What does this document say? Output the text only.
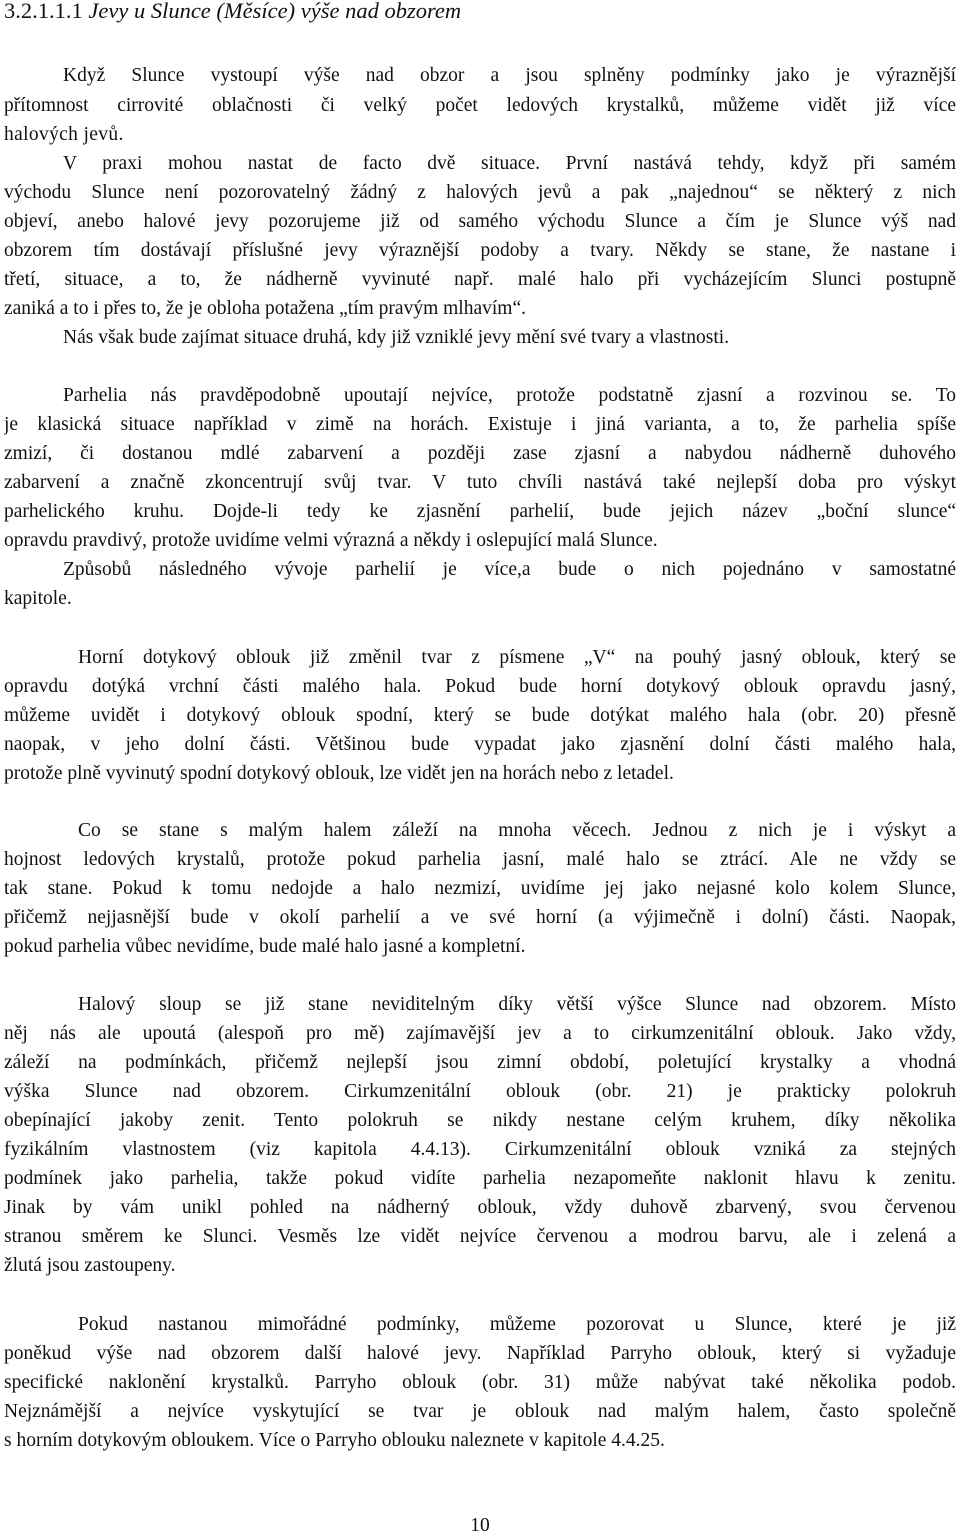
3.2.1.1.1 Jevy u Slunce (Měsíce) výše nad obzorem
Když Slunce vystoupí výše nad obzor a jsou splněny podmínky jako je výraznější
přítomnost cirrovité oblačnosti či velký počet ledových krystalků, můžeme vidět již více
halových jevů.
V praxi mohou nastat de facto dvě situace. První nastává tehdy, když při samém
východu Slunce není pozorovatelný žádný z halových jevů a pak „najednou“ se některý z nich
objeví, anebo halové jevy pozorujeme již od samého východu Slunce a čím je Slunce výš nad
obzorem tím dostávají příslušné jevy výraznější podoby a tvary. Někdy se stane, že nastane i
třetí, situace, a to, že nádherně vyvinuté např. malé halo při vycházejícím Slunci postupně
zaniká a to i přes to, že je obloha potažena „tím pravým mlhavím“.
Nás však bude zajímat situace druhá, kdy již vzniklé jevy mění své tvary a vlastnosti.
Parhelia nás pravděpodobně upoutají nejvíce, protože podstatně zjasní a rozvinou se. To
je klasická situace například v zimě na horách. Existuje i jiná varianta, a to, že parhelia spíše
zmizí, či dostanou mdlé zabarvení a později zase zjasní a nabydou nádherně duhového
zabarvení a značně zkoncentrují svůj tvar. V tuto chvíli nastává také nejlepší doba pro výskyt
parhelického kruhu. Dojde-li tedy ke zjasnění parhelií, bude jejich název „boční slunce“
opravdu pravdivý, protože uvidíme velmi výrazná a někdy i oslepující malá Slunce.
Způsobů následného vývoje parhelií je více,a bude o nich pojednáno v samostatné
kapitole.
Horní dotykový oblouk již změnil tvar z písmene „V“ na pouhý jasný oblouk, který se
opravdu dotýká vrchní části malého hala. Pokud bude horní dotykový oblouk opravdu jasný,
můžeme uvidět i dotykový oblouk spodní, který se bude dotýkat malého hala (obr. 20) přesně
naopak, v jeho dolní části. Většinou bude vypadat jako zjasnění dolní části malého hala,
protože plně vyvinutý spodní dotykový oblouk, lze vidět jen na horách nebo z letadel.
Co se stane s malým halem záleží na mnoha věcech. Jednou z nich je i výskyt a
hojnost ledových krystalů, protože pokud parhelia jasní, malé halo se ztrácí. Ale ne vždy se
tak stane. Pokud k tomu nedojde a halo nezmizí, uvidíme jej jako nejasné kolo kolem Slunce,
přičemž nejjasnější bude v okolí parhelií a ve své horní (a výjimečně i dolní) části. Naopak,
pokud parhelia vůbec nevidíme, bude malé halo jasné a kompletní.
Halový sloup se již stane neviditelným díky větší výšce Slunce nad obzorem. Místo
něj nás ale upoutá (alespoň pro mě) zajímavější jev a to cirkumzenitální oblouk. Jako vždy,
záleží na podmínkách, přičemž nejlepší jsou zimní období, poletující krystalky a vhodná
výška Slunce nad obzorem. Cirkumzenitální oblouk (obr. 21) je prakticky polokruh
obepínající jakoby zenit. Tento polokruh se nikdy nestane celým kruhem, díky několika
fyzikálním vlastnostem (viz kapitola 4.4.13). Cirkumzenitální oblouk vzniká za stejných
podmínek jako parhelia, takže pokud vidíte parhelia nezapomeňte naklonit hlavu k zenitu.
Jinak by vám unikl pohled na nádherný oblouk, vždy duhově zbarvený, svou červenou
stranou směrem ke Slunci. Vesměs lze vidět nejvíce červenou a modrou barvu, ale i zelená a
žlutá jsou zastoupeny.
Pokud nastanou mimořádné podmínky, můžeme pozorovat u Slunce, které je již
poněkud výše nad obzorem další halové jevy. Například Parryho oblouk, který si vyžaduje
specifické naklonění krystalků. Parryho oblouk (obr. 31) může nabývat také několika podob.
Nejznámější a nejvíce vyskytující se tvar je oblouk nad malým halem, často společně
s horním dotykovým obloukem. Více o Parryho oblouku naleznete v kapitole 4.4.25.
10
